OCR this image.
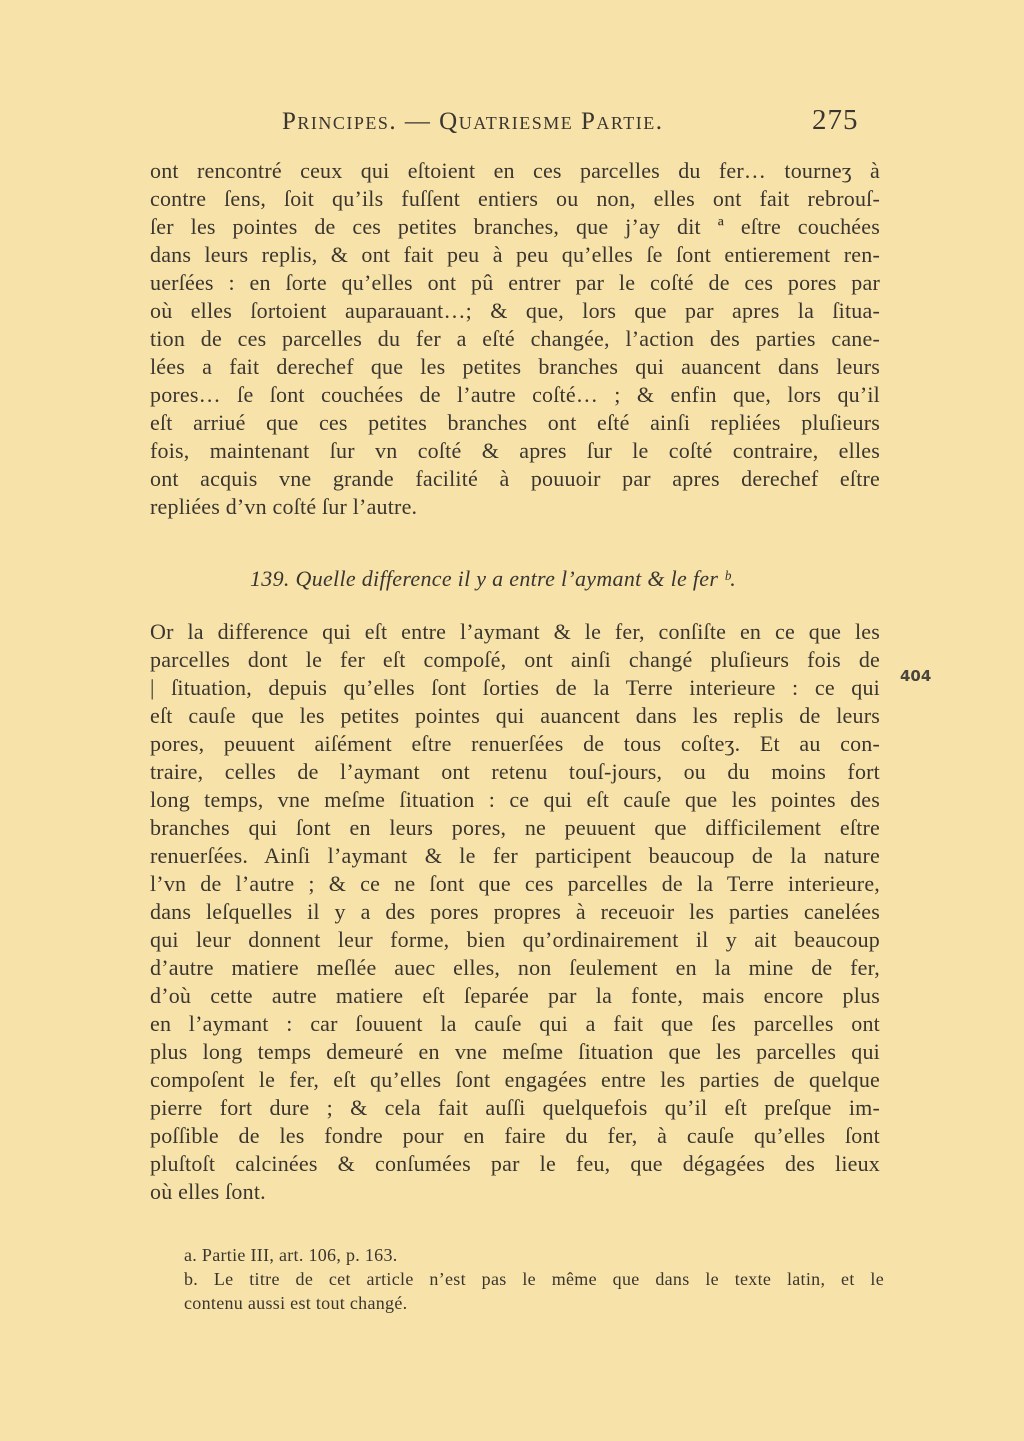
Principes. — Quatriesme Partie.	275
ont rencontré ceux qui eſtoient en ces parcelles du fer… tourneʒ à
contre ſens, ſoit qu’ils fuſſent entiers ou non, elles ont fait rebrouſ-
ſer les pointes de ces petites branches, que j’ay dit ª eſtre couchées
dans leurs replis, & ont fait peu à peu qu’elles ſe ſont entierement ren-
uerſées : en ſorte qu’elles ont pû entrer par le coſté de ces pores par
où elles ſortoient auparauant…; & que, lors que par apres la ſitua-
tion de ces parcelles du fer a eſté changée, l’action des parties cane-
lées a fait derechef que les petites branches qui auancent dans leurs
pores… ſe ſont couchées de l’autre coſté… ; & enfin que, lors qu’il
eſt arriué que ces petites branches ont eſté ainſi repliées pluſieurs
fois, maintenant ſur vn coſté & apres ſur le coſté contraire, elles
ont acquis vne grande facilité à pouuoir par apres derechef eſtre
repliées d’vn coſté ſur l’autre.
139. Quelle difference il y a entre l’aymant & le fer ᵇ.
Or la difference qui eſt entre l’aymant & le fer, conſiſte en ce que les
parcelles dont le fer eſt compoſé, ont ainſi changé pluſieurs fois de
| ſituation, depuis qu’elles ſont ſorties de la Terre interieure : ce qui
eſt cauſe que les petites pointes qui auancent dans les replis de leurs
pores, peuuent aiſément eſtre renuerſées de tous coſteʒ. Et au con-
traire, celles de l’aymant ont retenu touſ-jours, ou du moins fort
long temps, vne meſme ſituation : ce qui eſt cauſe que les pointes des
branches qui ſont en leurs pores, ne peuuent que difficilement eſtre
renuerſées. Ainſi l’aymant & le fer participent beaucoup de la nature
l’vn de l’autre ; & ce ne ſont que ces parcelles de la Terre interieure,
dans leſquelles il y a des pores propres à receuoir les parties canelées
qui leur donnent leur forme, bien qu’ordinairement il y ait beaucoup
d’autre matiere meſlée auec elles, non ſeulement en la mine de fer,
d’où cette autre matiere eſt ſeparée par la fonte, mais encore plus
en l’aymant : car ſouuent la cauſe qui a fait que ſes parcelles ont
plus long temps demeuré en vne meſme ſituation que les parcelles qui
compoſent le fer, eſt qu’elles ſont engagées entre les parties de quelque
pierre fort dure ; & cela fait auſſi quelquefois qu’il eſt preſque im-
poſſible de les fondre pour en faire du fer, à cauſe qu’elles ſont
pluſtoſt calcinées & conſumées par le feu, que dégagées des lieux
où elles ſont.
404
a. Partie III, art. 106, p. 163.
b. Le titre de cet article n’est pas le même que dans le texte latin, et le
contenu aussi est tout changé.
